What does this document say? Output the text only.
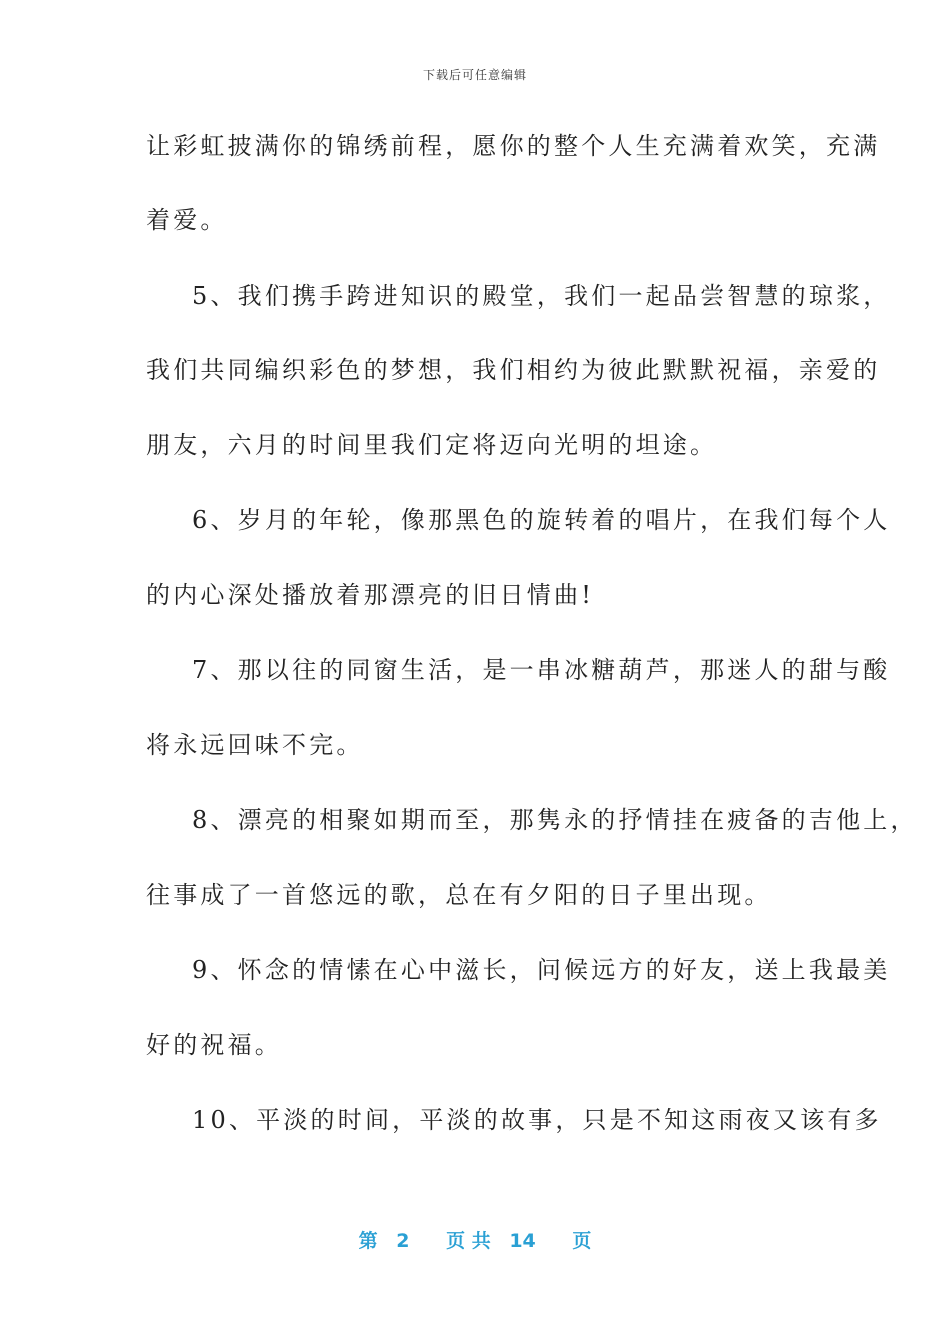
下载后可任意编辑
让彩虹披满你的锦绣前程，愿你的整个人生充满着欢笑，充满
着爱。
5、我们携手跨进知识的殿堂，我们一起品尝智慧的琼浆，
我们共同编织彩色的梦想，我们相约为彼此默默祝福，亲爱的
朋友，六月的时间里我们定将迈向光明的坦途。
6、岁月的年轮，像那黑色的旋转着的唱片，在我们每个人
的内心深处播放着那漂亮的旧日情曲!
7、那以往的同窗生活，是一串冰糖葫芦，那迷人的甜与酸
将永远回味不完。
8、漂亮的相聚如期而至，那隽永的抒情挂在疲备的吉他上，
往事成了一首悠远的歌，总在有夕阳的日子里出现。
9、怀念的情愫在心中滋长，问候远方的好友，送上我最美
好的祝福。
10、平淡的时间，平淡的故事，只是不知这雨夜又该有多
第 2 页 共 14 页
